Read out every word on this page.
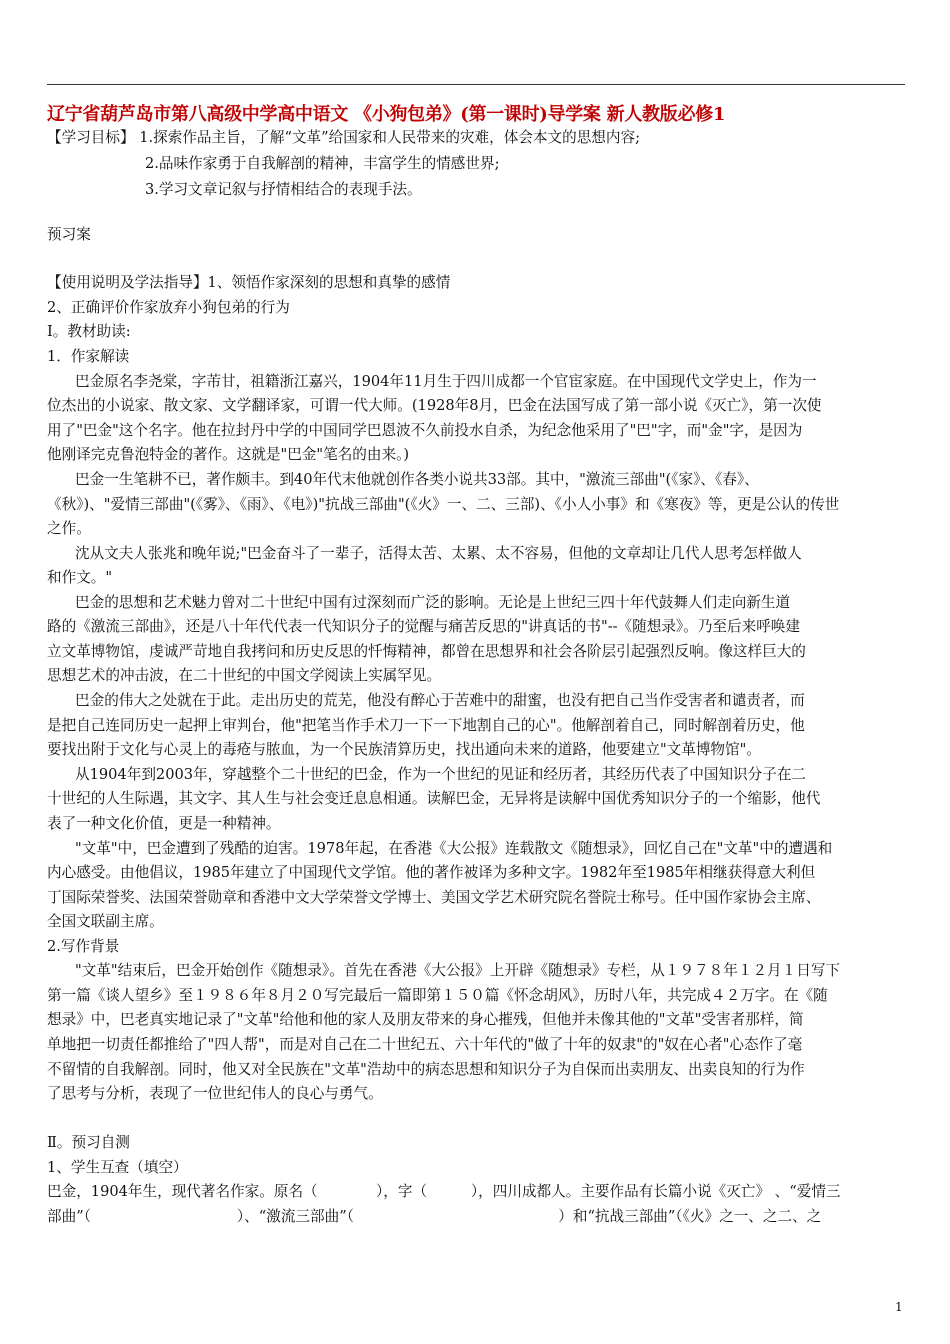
辽宁省葫芦岛市第八高级中学高中语文 《小狗包弟》(第一课时)导学案 新人教版必修1
【学习目标】 1.探索作品主旨，了解“文革”给国家和人民带来的灾难，体会本文的思想内容;
2.品味作家勇于自我解剖的精神，丰富学生的情感世界;
3.学习文章记叙与抒情相结合的表现手法。
预习案
【使用说明及学法指导】1、领悟作家深刻的思想和真挚的感情
2、正确评价作家放弃小狗包弟的行为
Ⅰ。教材助读:
1．作家解读
巴金原名李尧棠，字芾甘，祖籍浙江嘉兴，1904年11月生于四川成都一个官宦家庭。在中国现代文学史上，作为一
位杰出的小说家、散文家、文学翻译家，可谓一代大师。(1928年8月，巴金在法国写成了第一部小说《灭亡》，第一次使
用了"巴金"这个名字。他在拉封丹中学的中国同学巴恩波不久前投水自杀，为纪念他采用了"巴"字，而"金"字，是因为
他刚译完克鲁泡特金的著作。这就是"巴金"笔名的由来。)
巴金一生笔耕不已，著作颇丰。到40年代末他就创作各类小说共33部。其中，"激流三部曲"(《家》、《春》、
《秋》)、"爱情三部曲"(《雾》、《雨》、《电》)"抗战三部曲"(《火》一、二、三部)、《小人小事》和《寒夜》等，更是公认的传世
之作。
沈从文夫人张兆和晚年说;"巴金奋斗了一辈子，活得太苦、太累、太不容易，但他的文章却让几代人思考怎样做人
和作文。"
巴金的思想和艺术魅力曾对二十世纪中国有过深刻而广泛的影响。无论是上世纪三四十年代鼓舞人们走向新生道
路的《激流三部曲》，还是八十年代代表一代知识分子的觉醒与痛苦反思的"讲真话的书"--《随想录》。乃至后来呼唤建
立文革博物馆，虔诚严苛地自我拷问和历史反思的忏悔精神，都曾在思想界和社会各阶层引起强烈反响。像这样巨大的
思想艺术的冲击波，在二十世纪的中国文学阅读上实属罕见。
巴金的伟大之处就在于此。走出历史的荒芜，他没有醉心于苦难中的甜蜜，也没有把自己当作受害者和谴责者，而
是把自己连同历史一起押上审判台，他"把笔当作手术刀一下一下地割自己的心"。他解剖着自己，同时解剖着历史，他
要找出附于文化与心灵上的毒疮与脓血，为一个民族清算历史，找出通向未来的道路，他要建立"文革博物馆"。
从1904年到2003年，穿越整个二十世纪的巴金，作为一个世纪的见证和经历者，其经历代表了中国知识分子在二
十世纪的人生际遇，其文字、其人生与社会变迁息息相通。读解巴金，无异将是读解中国优秀知识分子的一个缩影，他代
表了一种文化价值，更是一种精神。
"文革"中，巴金遭到了残酷的迫害。1978年起，在香港《大公报》连载散文《随想录》，回忆自己在"文革"中的遭遇和
内心感受。由他倡议，1985年建立了中国现代文学馆。他的著作被译为多种文字。1982年至1985年相继获得意大利但
丁国际荣誉奖、法国荣誉勋章和香港中文大学荣誉文学博士、美国文学艺术研究院名誉院士称号。任中国作家协会主席、
全国文联副主席。
2.写作背景
"文革"结束后，巴金开始创作《随想录》。首先在香港《大公报》上开辟《随想录》专栏，从１９７８年１２月１日写下
第一篇《谈人望乡》至１９８６年８月２０写完最后一篇即第１５０篇《怀念胡风》，历时八年，共完成４２万字。在《随
想录》中，巴老真实地记录了"文革"给他和他的家人及朋友带来的身心摧残，但他并未像其他的"文革"受害者那样，简
单地把一切责任都推给了"四人帮"，而是对自己在二十世纪五、六十年代的"做了十年的奴隶"的"奴在心者"心态作了毫
不留情的自我解剖。同时，他又对全民族在"文革"浩劫中的病态思想和知识分子为自保而出卖朋友、出卖良知的行为作
了思考与分析，表现了一位世纪伟人的良心与勇气。
Ⅱ。预习自测
1、学生互查（填空）
巴金，1904年生，现代著名作家。原名（　　　　），字（　　　），四川成都人。主要作品有长篇小说《灭亡》 、“爱情三
部曲”（　　　　　　　　　　）、“激流三部曲”（　　　　　　　　　　　　　　）和“抗战三部曲”（《火》之一、之二、之
1
